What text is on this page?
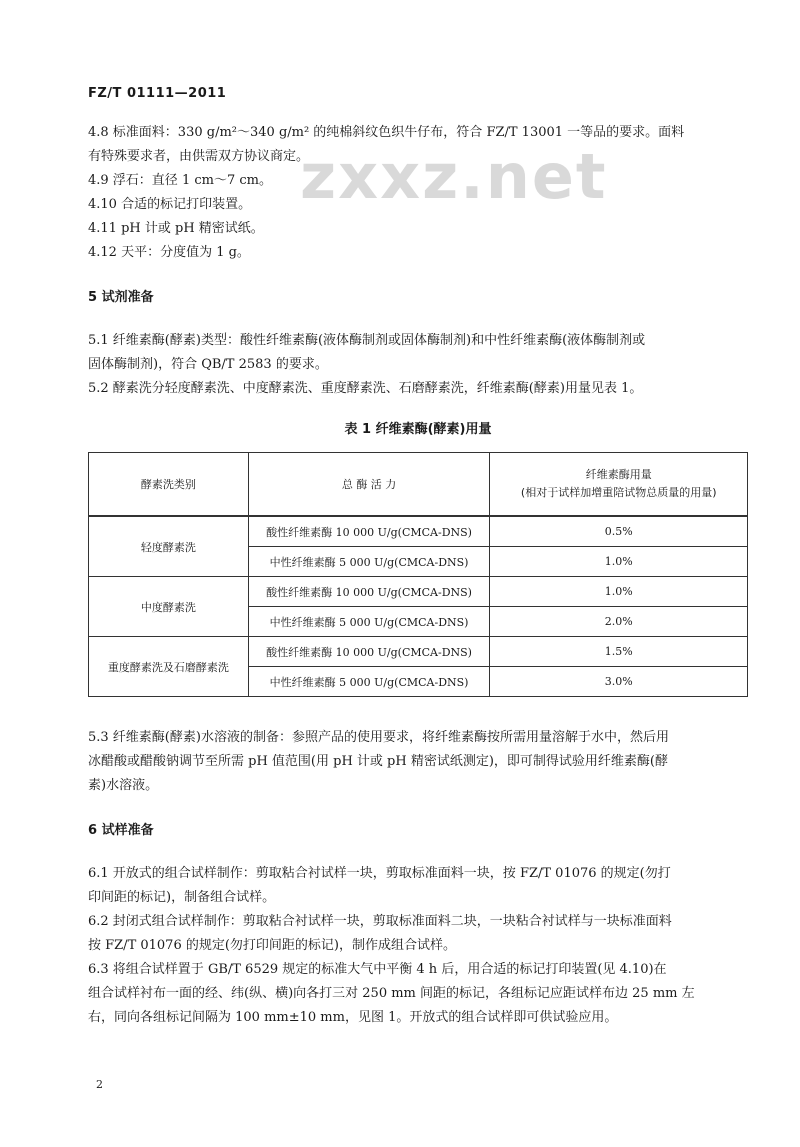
FZ/T 01111—2011
zxxz.net
4.8 标准面料：330 g/m²～340 g/m² 的纯棉斜纹色织牛仔布，符合 FZ/T 13001 一等品的要求。面料
有特殊要求者，由供需双方协议商定。
4.9 浮石：直径 1 cm～7 cm。
4.10 合适的标记打印装置。
4.11 pH 计或 pH 精密试纸。
4.12 天平：分度值为 1 g。
5 试剂准备
5.1 纤维素酶(酵素)类型：酸性纤维素酶(液体酶制剂或固体酶制剂)和中性纤维素酶(液体酶制剂或
固体酶制剂)，符合 QB/T 2583 的要求。
5.2 酵素洗分轻度酵素洗、中度酵素洗、重度酵素洗、石磨酵素洗，纤维素酶(酵素)用量见表 1。
表 1 纤维素酶(酵素)用量
酵素洗类别	总 酶 活 力	纤维素酶用量
(相对于试样加增重陪试物总质量的用量)

轻度酵素洗	酸性纤维素酶 10 000 U/g(CMCA-DNS)	0.5%
	中性纤维素酶 5 000 U/g(CMCA-DNS)	1.0%
中度酵素洗	酸性纤维素酶 10 000 U/g(CMCA-DNS)	1.0%
	中性纤维素酶 5 000 U/g(CMCA-DNS)	2.0%
重度酵素洗及石磨酵素洗	酸性纤维素酶 10 000 U/g(CMCA-DNS)	1.5%
	中性纤维素酶 5 000 U/g(CMCA-DNS)	3.0%
5.3 纤维素酶(酵素)水溶液的制备：参照产品的使用要求，将纤维素酶按所需用量溶解于水中，然后用
冰醋酸或醋酸钠调节至所需 pH 值范围(用 pH 计或 pH 精密试纸测定)，即可制得试验用纤维素酶(酵
素)水溶液。
6 试样准备
6.1 开放式的组合试样制作：剪取粘合衬试样一块，剪取标准面料一块，按 FZ/T 01076 的规定(勿打
印间距的标记)，制备组合试样。
6.2 封闭式组合试样制作：剪取粘合衬试样一块，剪取标准面料二块，一块粘合衬试样与一块标准面料
按 FZ/T 01076 的规定(勿打印间距的标记)，制作成组合试样。
6.3 将组合试样置于 GB/T 6529 规定的标准大气中平衡 4 h 后，用合适的标记打印装置(见 4.10)在
组合试样衬布一面的经、纬(纵、横)向各打三对 250 mm 间距的标记，各组标记应距试样布边 25 mm 左
右，同向各组标记间隔为 100 mm±10 mm，见图 1。开放式的组合试样即可供试验应用。
2
